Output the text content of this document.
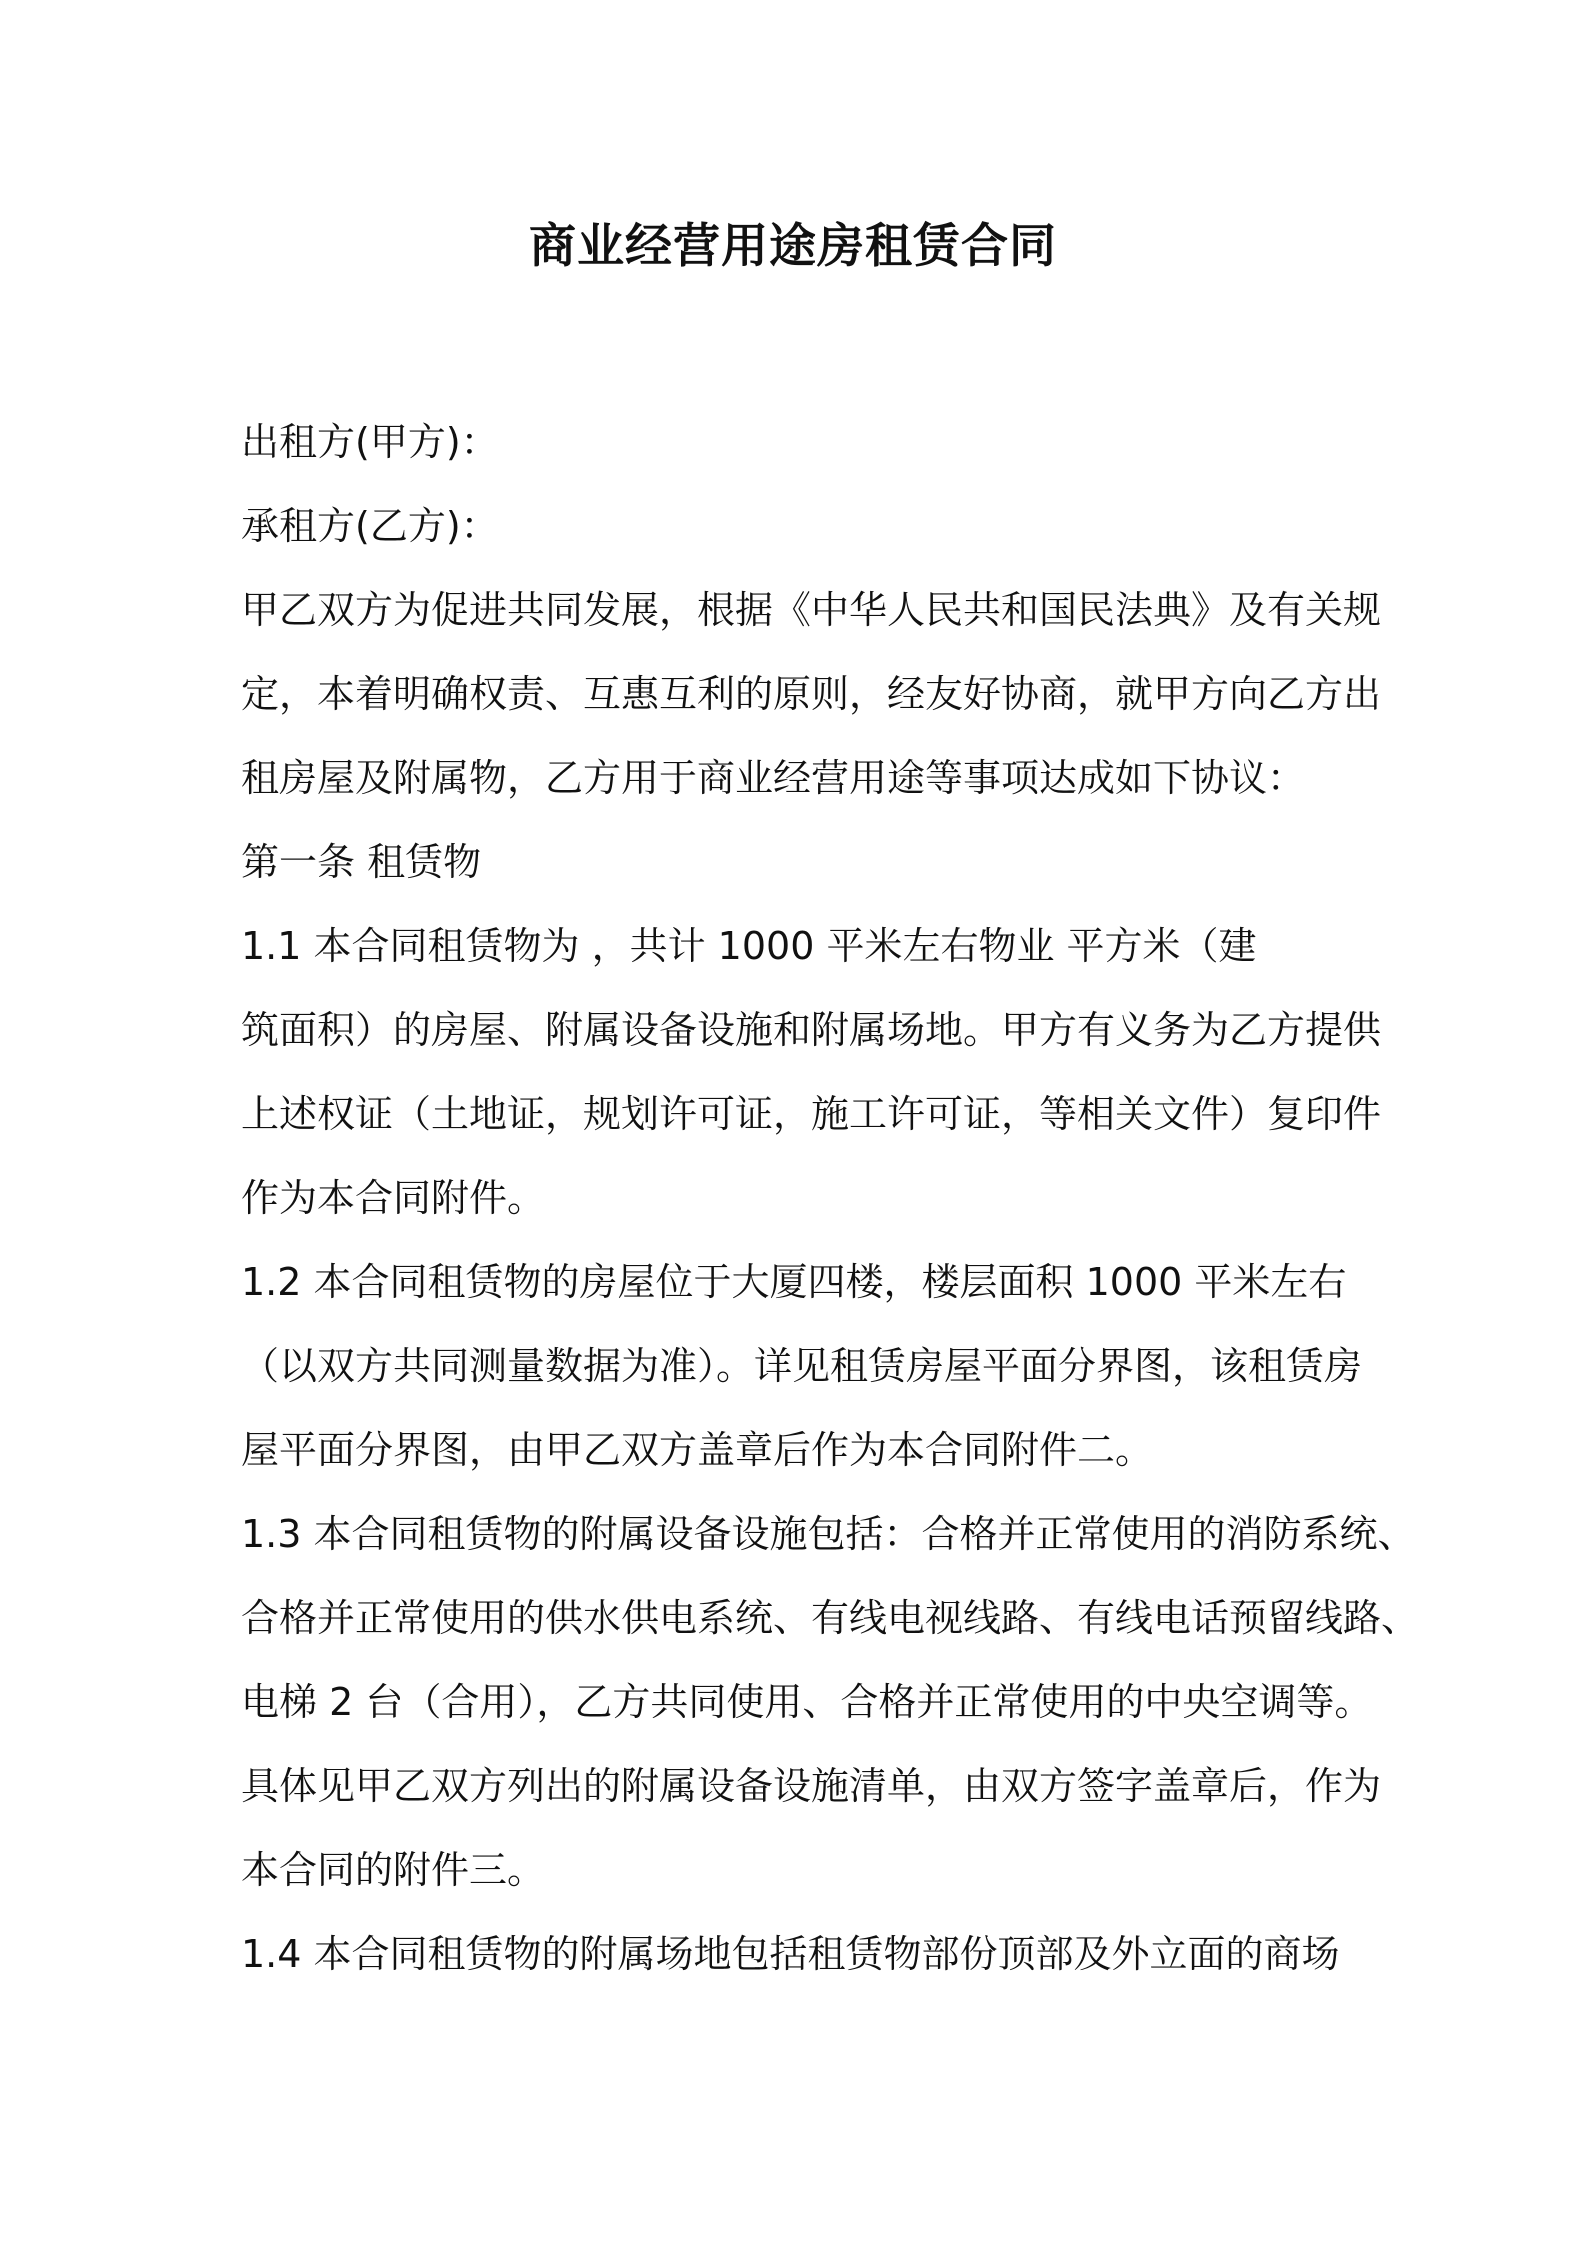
商业经营用途房租赁合同
出租方(甲方)：
承租方(乙方)：
甲乙双方为促进共同发展，根据《中华人民共和国民法典》及有关规
定，本着明确权责、互惠互利的原则，经友好协商，就甲方向乙方出
租房屋及附属物，乙方用于商业经营用途等事项达成如下协议：
第一条 租赁物
1.1 本合同租赁物为 ，共计 1000 平米左右物业 平方米（建
筑面积）的房屋、附属设备设施和附属场地。甲方有义务为乙方提供
上述权证（土地证，规划许可证，施工许可证，等相关文件）复印件
作为本合同附件。
1.2 本合同租赁物的房屋位于大厦四楼，楼层面积 1000 平米左右
（以双方共同测量数据为准）。详见租赁房屋平面分界图，该租赁房
屋平面分界图，由甲乙双方盖章后作为本合同附件二。
1.3 本合同租赁物的附属设备设施包括：合格并正常使用的消防系统、
合格并正常使用的供水供电系统、有线电视线路、有线电话预留线路、
电梯 2 台（合用），乙方共同使用、合格并正常使用的中央空调等。
具体见甲乙双方列出的附属设备设施清单，由双方签字盖章后，作为
本合同的附件三。
1.4 本合同租赁物的附属场地包括租赁物部份顶部及外立面的商场
